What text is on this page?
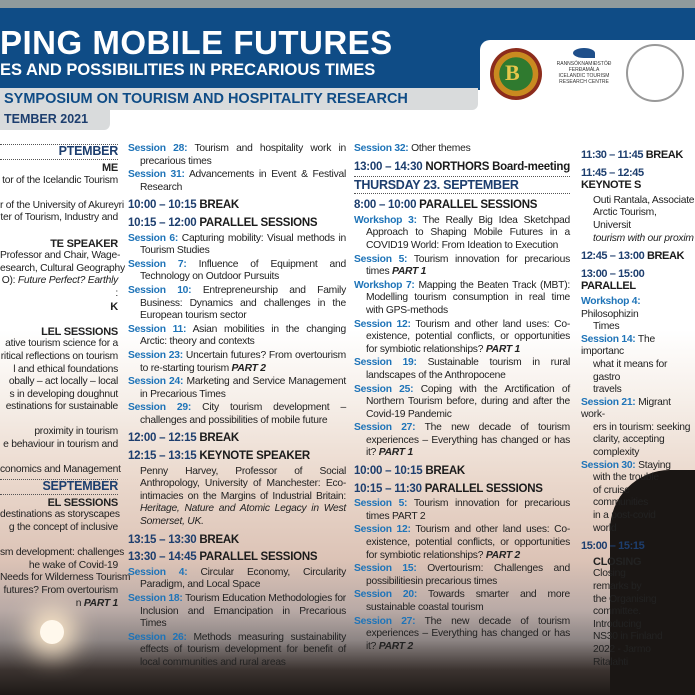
PING MOBILE FUTURES
ES AND POSSIBILITIES IN PRECARIOUS TIMES
SYMPOSIUM ON TOURISM AND HOSPITALITY RESEARCH
TEMBER 2021
B	RANNSÓKNAMIÐSTÖÐ FERÐAMÁLA
ICELANDIC TOURISM RESEARCH CENTRE
PTEMBER
ME
tor of the Icelandic Tourism
r of the University of Akureyri
ter of Tourism, Industry and
TE SPEAKER
Professor and Chair, Wage-
esearch, Cultural Geography
O): Future Perfect? Earthly
:
K
LEL SESSIONS
ative tourism science for a
ritical reflections on tourism
l and ethical foundations
obally – act locally – local
s in developing doughnut
estinations for sustainable
proximity in tourism
e behaviour in tourism and
conomics and Management
SEPTEMBER
EL SESSIONS
destinations as storyscapes
g the concept of inclusive
sm development: challenges
he wake of Covid-19
Needs for Wilderness Tourism
futures? From overtourism
n PART 1
Session 28: Tourism and hospitality work in precarious times
Session 31: Advancements in Event & Festival Research
10:00 – 10:15 BREAK
10:15 – 12:00 PARALLEL SESSIONS
Session 6: Capturing mobility: Visual methods in Tourism Studies
Session 7: Influence of Equipment and Technology on Outdoor Pursuits
Session 10: Entrepreneurship and Family Business: Dynamics and challenges in the European tourism sector
Session 11: Asian mobilities in the changing Arctic: theory and contexts
Session 23: Uncertain futures? From overtourism to re-starting tourism PART 2
Session 24: Marketing and Service Management in Precarious Times
Session 29: City tourism development – challenges and possibilities of mobile future
12:00 – 12:15 BREAK
12:15 – 13:15 KEYNOTE SPEAKER
Penny Harvey, Professor of Social Anthropology, University of Manchester: Eco-intimacies on the Margins of Industrial Britain: Heritage, Nature and Atomic Legacy in West Somerset, UK.
13:15 – 13:30 BREAK
13:30 – 14:45 PARALLEL SESSIONS
Session 4: Circular Economy, Circularity Paradigm, and Local Space
Session 18: Tourism Education Methodologies for Inclusion and Emancipation in Precarious Times
Session 26: Methods measuring sustainability effects of tourism development for benefit of local communities and rural areas
Session 32: Other themes
13:00 – 14:30 NORTHORS Board-meeting
THURSDAY 23. SEPTEMBER
8:00 – 10:00 PARALLEL SESSIONS
Workshop 3: The Really Big Idea Sketchpad Approach to Shaping Mobile Futures in a COVID19 World: From Ideation to Execution
Session 5: Tourism innovation for precarious times PART 1
Workshop 7: Mapping the Beaten Track (MBT): Modelling tourism consumption in real time with GPS-methods
Session 12: Tourism and other land uses: Co-existence, potential conflicts, or opportunities for symbiotic relationships? PART 1
Session 19: Sustainable tourism in rural landscapes of the Anthropocene
Session 25: Coping with the Arctification of Northern Tourism before, during and after the Covid-19 Pandemic
Session 27: The new decade of tourism experiences – Everything has changed or has it? PART 1
10:00 – 10:15 BREAK
10:15 – 11:30 PARALLEL SESSIONS
Session 5: Tourism innovation for precarious times PART 2
Session 12: Tourism and other land uses: Co-existence, potential conflicts, or opportunities for symbiotic relationships? PART 2
Session 15: Overtourism: Challenges and possibilitiesin precarious times
Session 20: Towards smarter and more sustainable coastal tourism
Session 27: The new decade of tourism experiences – Everything has changed or has it? PART 2
11:30 – 11:45 BREAK
11:45 – 12:45 KEYNOTE S
Outi Rantala, Associate
Arctic Tourism, Universit
tourism with our proxim
12:45 – 13:00 BREAK
13:00 – 15:00 PARALLEL
Workshop 4: Philosophizin
Times
Session 14: The importanc
what it means for gastro
travels
Session 21: Migrant work-
ers in tourism: seeking
clarity, accepting
complexity
Session 30: Staying
with the trouble
of cruise
communities
in a post-covid
world
15:00 – 15:15
CLOSING
Closing
remarks by
the Organising
committee.
Introducing
NS30 in Finland
2022 - Jarmo
Ritalahti
